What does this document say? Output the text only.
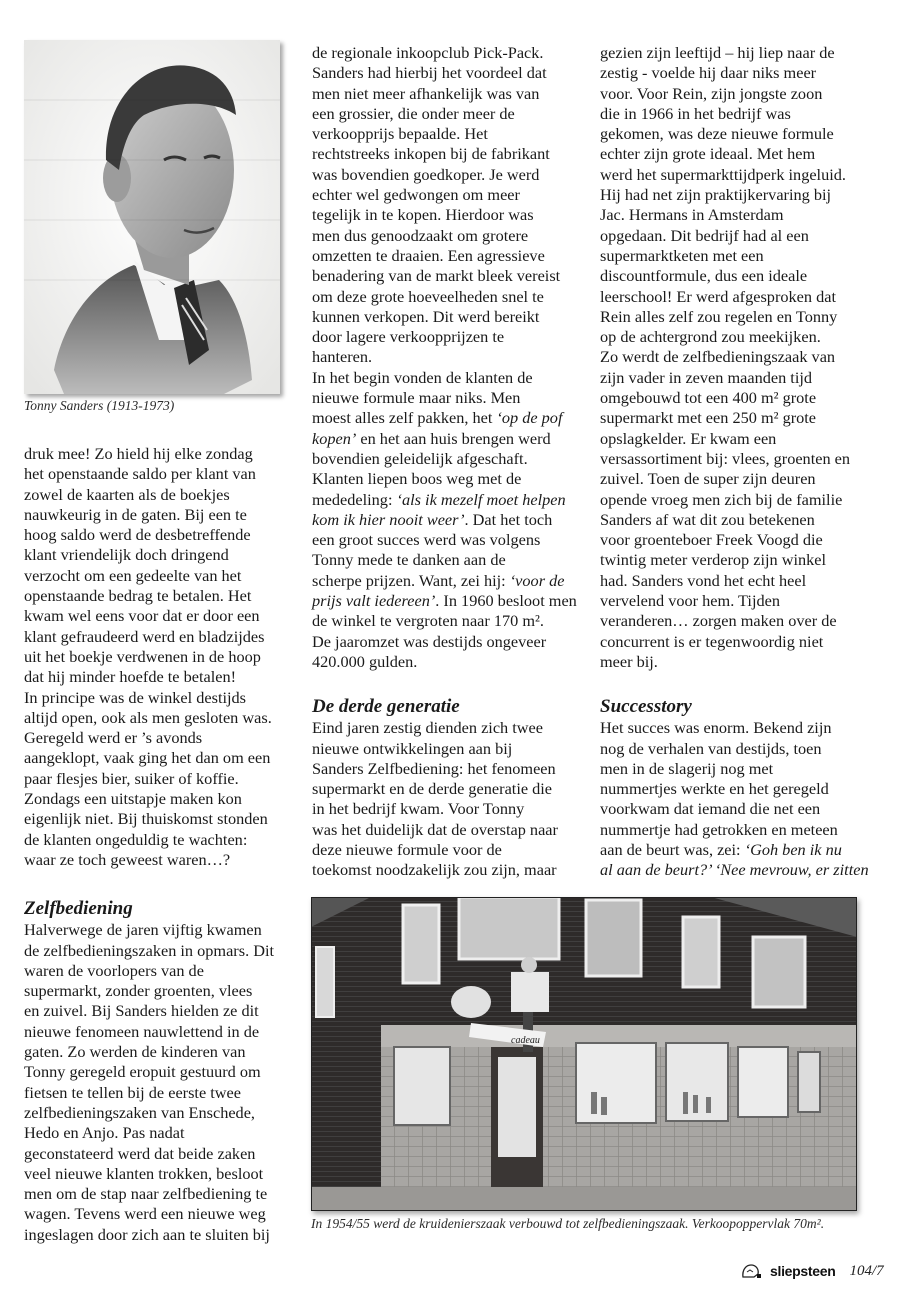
Tonny Sanders (1913-1973)
druk mee! Zo hield hij elke zondag
het openstaande saldo per klant van
zowel de kaarten als de boekjes
nauwkeurig in de gaten. Bij een te
hoog saldo werd de desbetreffende
klant vriendelijk doch dringend
verzocht om een gedeelte van het
openstaande bedrag te betalen. Het
kwam wel eens voor dat er door een
klant gefraudeerd werd en bladzijdes
uit het boekje verdwenen in de hoop
dat hij minder hoefde te betalen!
In principe was de winkel destijds
altijd open, ook als men gesloten was.
Geregeld werd er ’s avonds
aangeklopt, vaak ging het dan om een
paar flesjes bier, suiker of koffie.
Zondags een uitstapje maken kon
eigenlijk niet. Bij thuiskomst stonden
de klanten ongeduldig te wachten:
waar ze toch geweest waren…?
Zelfbediening
Halverwege de jaren vijftig kwamen
de zelfbedieningszaken in opmars. Dit
waren de voorlopers van de
supermarkt, zonder groenten, vlees
en zuivel. Bij Sanders hielden ze dit
nieuwe fenomeen nauwlettend in de
gaten. Zo werden de kinderen van
Tonny geregeld eropuit gestuurd om
fietsen te tellen bij de eerste twee
zelfbedieningszaken van Enschede,
Hedo en Anjo. Pas nadat
geconstateerd werd dat beide zaken
veel nieuwe klanten trokken, besloot
men om de stap naar zelfbediening te
wagen. Tevens werd een nieuwe weg
ingeslagen door zich aan te sluiten bij
de regionale inkoopclub Pick-Pack.
Sanders had hierbij het voordeel dat
men niet meer afhankelijk was van
een grossier, die onder meer de
verkoopprijs bepaalde. Het
rechtstreeks inkopen bij de fabrikant
was bovendien goedkoper. Je werd
echter wel gedwongen om meer
tegelijk in te kopen. Hierdoor was
men dus genoodzaakt om grotere
omzetten te draaien. Een agressieve
benadering van de markt bleek vereist
om deze grote hoeveelheden snel te
kunnen verkopen. Dit werd bereikt
door lagere verkoopprijzen te
hanteren.
In het begin vonden de klanten de
nieuwe formule maar niks. Men
moest alles zelf pakken, het ‘op de pof
kopen’ en het aan huis brengen werd
bovendien geleidelijk afgeschaft.
Klanten liepen boos weg met de
mededeling: ‘als ik mezelf moet helpen
kom ik hier nooit weer’. Dat het toch
een groot succes werd was volgens
Tonny mede te danken aan de
scherpe prijzen. Want, zei hij: ‘voor de
prijs valt iedereen’. In 1960 besloot men
de winkel te vergroten naar 170 m².
De jaaromzet was destijds ongeveer
420.000 gulden.
De derde generatie
Eind jaren zestig dienden zich twee
nieuwe ontwikkelingen aan bij
Sanders Zelfbediening: het fenomeen
supermarkt en de derde generatie die
in het bedrijf kwam. Voor Tonny
was het duidelijk dat de overstap naar
deze nieuwe formule voor de
toekomst noodzakelijk zou zijn, maar
gezien zijn leeftijd – hij liep naar de
zestig - voelde hij daar niks meer
voor. Voor Rein, zijn jongste zoon
die in 1966 in het bedrijf was
gekomen, was deze nieuwe formule
echter zijn grote ideaal. Met hem
werd het supermarkttijdperk ingeluid.
Hij had net zijn praktijkervaring bij
Jac. Hermans in Amsterdam
opgedaan. Dit bedrijf had al een
supermarktketen met een
discountformule, dus een ideale
leerschool! Er werd afgesproken dat
Rein alles zelf zou regelen en Tonny
op de achtergrond zou meekijken.
Zo werdt de zelfbedieningszaak van
zijn vader in zeven maanden tijd
omgebouwd tot een 400 m² grote
supermarkt met een 250 m² grote
opslagkelder. Er kwam een
versassortiment bij: vlees, groenten en
zuivel. Toen de super zijn deuren
opende vroeg men zich bij de familie
Sanders af wat dit zou betekenen
voor groenteboer Freek Voogd die
twintig meter verderop zijn winkel
had. Sanders vond het echt heel
vervelend voor hem. Tijden
veranderen… zorgen maken over de
concurrent is er tegenwoordig niet
meer bij.
Successtory
Het succes was enorm. Bekend zijn
nog de verhalen van destijds, toen
men in de slagerij nog met
nummertjes werkte en het geregeld
voorkwam dat iemand die net een
nummertje had getrokken en meteen
aan de beurt was, zei: ‘Goh ben ik nu
al aan de beurt?’ ‘Nee mevrouw, er zitten
cadeau
In 1954/55 werd de kruidenierszaak verbouwd tot zelfbedieningszaak. Verkoopoppervlak 70m².
sliepsteen 104/7
